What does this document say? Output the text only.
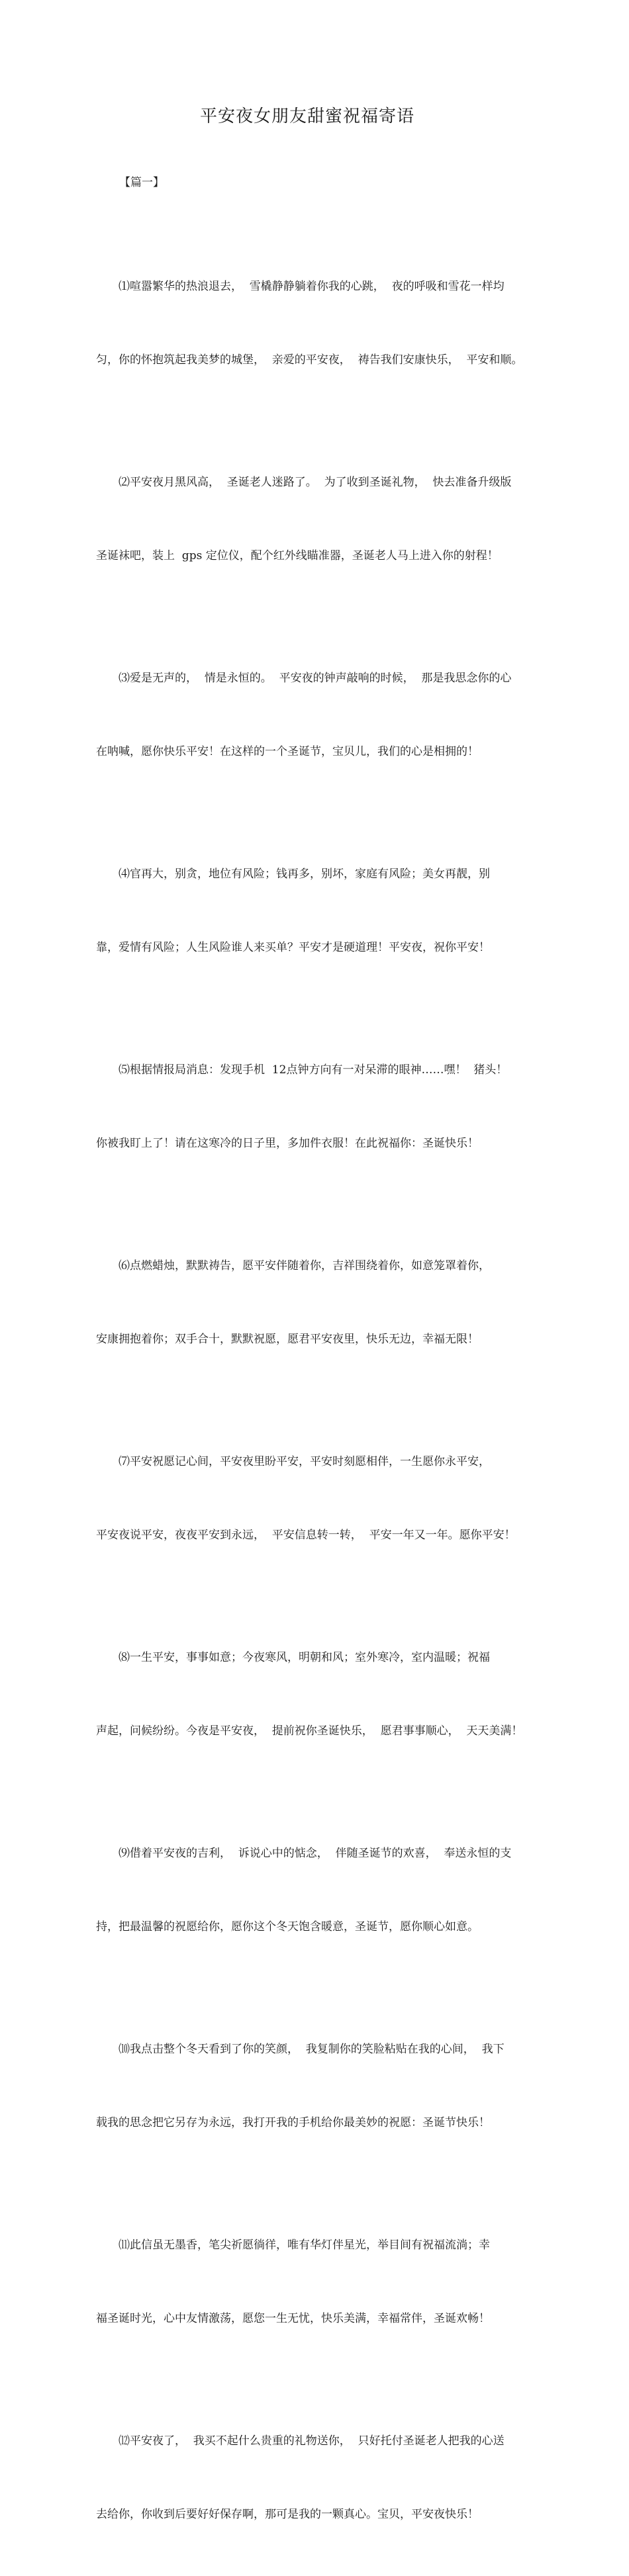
平安夜女朋友甜蜜祝福寄语
【篇一】

⑴喧嚣繁华的热浪退去，  雪橇静静躺着你我的心跳，  夜的呼吸和雪花一样均

匀，你的怀抱筑起我美梦的城堡，  亲爱的平安夜，  祷告我们安康快乐，  平安和顺。

⑵平安夜月黑风高，  圣诞老人迷路了。  为了收到圣诞礼物，  快去准备升级版

圣诞袜吧，装上  gps 定位仪，配个红外线瞄准器，圣诞老人马上进入你的射程！

⑶爱是无声的，  情是永恒的。  平安夜的钟声敲响的时候，  那是我思念你的心

在呐喊，愿你快乐平安！在这样的一个圣诞节，宝贝儿，我们的心是相拥的！

⑷官再大，别贪，地位有风险；钱再多，别坏，家庭有风险；美女再靓，别

靠，爱情有风险；人生风险谁人来买单？平安才是硬道理！平安夜，祝你平安！

⑸根据情报局消息：发现手机  12点钟方向有一对呆滞的眼神……嘿！  猪头！

你被我盯上了！请在这寒冷的日子里，多加件衣服！在此祝福你：圣诞快乐！

⑹点燃蜡烛，默默祷告，愿平安伴随着你，吉祥围绕着你，如意笼罩着你，

安康拥抱着你；双手合十，默默祝愿，愿君平安夜里，快乐无边，幸福无限！

⑺平安祝愿记心间，平安夜里盼平安，平安时刻愿相伴，一生愿你永平安，

平安夜说平安，夜夜平安到永远，  平安信息转一转，  平安一年又一年。愿你平安！

⑻一生平安，事事如意；今夜寒风，明朝和风；室外寒冷，室内温暖；祝福

声起，问候纷纷。今夜是平安夜，  提前祝你圣诞快乐，  愿君事事顺心，  天天美满！

⑼借着平安夜的吉利，  诉说心中的惦念，  伴随圣诞节的欢喜，  奉送永恒的支

持，把最温馨的祝愿给你，愿你这个冬天饱含暖意，圣诞节，愿你顺心如意。

⑽我点击整个冬天看到了你的笑颜，  我复制你的笑脸粘贴在我的心间，  我下

载我的思念把它另存为永远，我打开我的手机给你最美妙的祝愿：圣诞节快乐！

⑾此信虽无墨香，笔尖祈愿徜徉，唯有华灯伴星光，举目间有祝福流淌；幸

福圣诞时光，心中友情激荡，愿您一生无忧，快乐美满，幸福常伴，圣诞欢畅！

⑿平安夜了，  我买不起什么贵重的礼物送你，  只好托付圣诞老人把我的心送

去给你，你收到后要好好保存啊，那可是我的一颗真心。宝贝，平安夜快乐！
